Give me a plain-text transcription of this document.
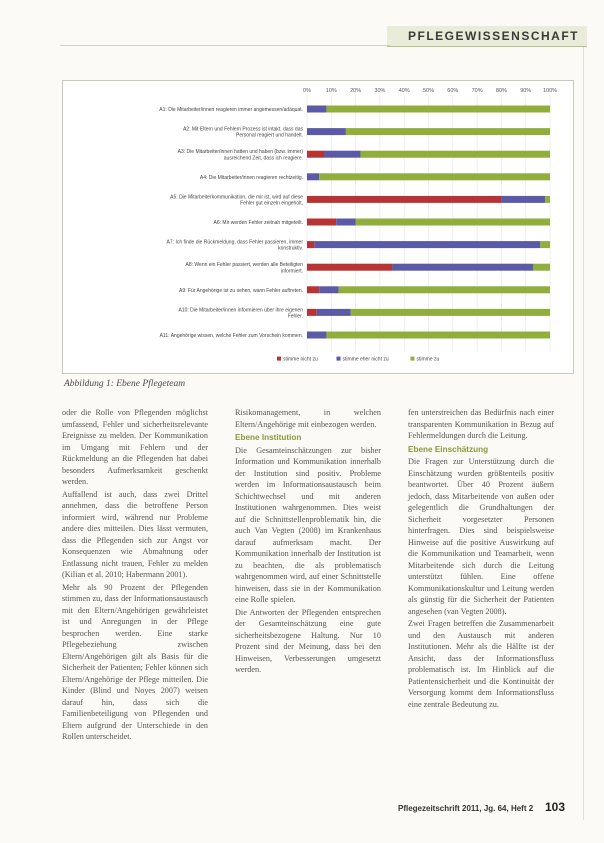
PFLEGEWISSENSCHAFT
0%	10% 20% 30% 40% 50% 60% 70% 80% 90% 100%
A1: Die Mitarbeiter/innen reagieren immer angemessen/adäquat.
A2: Mit Eltern und Fehlern Prozess ist intakt, dass das
Personal reagiert und handelt.
A3: Die Mitarbeiter/innen hatten und haben (bzw. immer)
ausreichend Zeit, dass ich reagiere.
A4: Die Mitarbeiter/innen reagieren rechtzeitig.
A5: Die Mitarbeiterkommunikation, die mir ist, wird auf diese
Fehler gut einzeln eingeholt.
A6: Mir werden Fehler zeitnah mitgeteilt.
A7: Ich finde die Rückmeldung, dass Fehler passieren, immer
konstruktiv.
A8: Wenn ein Fehler passiert, werden alle Beteiligten
informiert.
A9: Für Angehörige ist zu sehen, wann Fehler auftreten.
A10: Die Mitarbeiter/innen informieren über ihre eigenen
Fehler.
A11: Angehörige wissen, welche Fehler zum Vorschein kommen.
stimme nicht zu	stimme eher nicht zu	stimme zu
Abbildung 1: Ebene Pflegeteam

oder die Rolle von Pflegenden möglichst umfassend, Fehler und sicherheitsrelevante Ereignisse zu melden. Der Kommunikation im Umgang mit Fehlern und der Rückmeldung an die Pflegenden hat dabei besonders Aufmerksamkeit geschenkt werden.

Auffallend ist auch, dass zwei Drittel annehmen, dass die betroffene Person informiert wird, während nur Probleme andere dies mitteilen. Dies lässt vermuten, dass die Pflegenden sich zur Angst vor Konsequenzen wie Abmahnung oder Entlassung nicht trauen, Fehler zu melden (Kilian et al. 2010; Habermann 2001).

Mehr als 90 Prozent der Pflegenden stimmen zu, dass der Informationsaustausch mit den Eltern/Angehörigen gewährleistet ist und Anregungen in der Pflege besprochen werden. Eine starke Pflegebeziehung zwischen Eltern/Angehörigen gilt als Basis für die Sicherheit der Patienten; Fehler können sich Eltern/Angehörige der Pflege mitteilen. Die Kinder (Blind und Noyes 2007) weisen darauf hin, dass sich die Familienbeteiligung von Pflegenden und Eltern aufgrund der Unterschiede in den Rollen unterscheidet.

Risikomanagement, in welchen Eltern/Angehörige mit einbezogen werden.

Ebene Institution

Die Gesamteinschätzungen zur bisher Information und Kommunikation innerhalb der Institution sind positiv. Probleme werden im Informationsaustausch beim Schichtwechsel und mit anderen Institutionen wahrgenommen. Dies weist auf die Schnittstellenproblematik hin, die auch Van Vegten (2008) im Krankenhaus darauf aufmerksam macht. Der Kommunikation innerhalb der Institution ist zu beachten, die als problematisch wahrgenommen wird, auf einer Schnittstelle hinweisen, dass sie in der Kommunikation eine Rolle spielen.

Die Antworten der Pflegenden entsprechen der Gesamteinschätzung eine gute sicherheitsbezogene Haltung. Nur 10 Prozent sind der Meinung, dass bei den Hinweisen, Verbesserungen umgesetzt werden.

fen unterstreichen das Bedürfnis nach einer transparenten Kommunikation in Bezug auf Fehlermeldungen durch die Leitung.

Ebene Einschätzung

Die Fragen zur Unterstützung durch die Einschätzung wurden größtenteils positiv beantwortet. Über 40 Prozent äußern jedoch, dass Mitarbeitende von außen oder gelegentlich die Grundhaltungen der Sicherheit vorgesetzter Personen hinterfragen. Dies sind beispielsweise Hinweise auf die positive Auswirkung auf die Kommunikation und Teamarbeit, wenn Mitarbeitende sich durch die Leitung unterstützt fühlen. Eine offene Kommunikationskultur und Leitung werden als günstig für die Sicherheit der Patienten angesehen (van Vegten 2008).

Zwei Fragen betreffen die Zusammenarbeit und den Austausch mit anderen Institutionen. Mehr als die Hälfte ist der Ansicht, dass der Informationsfluss problematisch ist. Im Hinblick auf die Patientensicherheit und die Kontinuität der Versorgung kommt dem Informationsfluss eine zentrale Bedeutung zu.

Pflegezeitschrift 2011, Jg. 64, Heft 2 103
